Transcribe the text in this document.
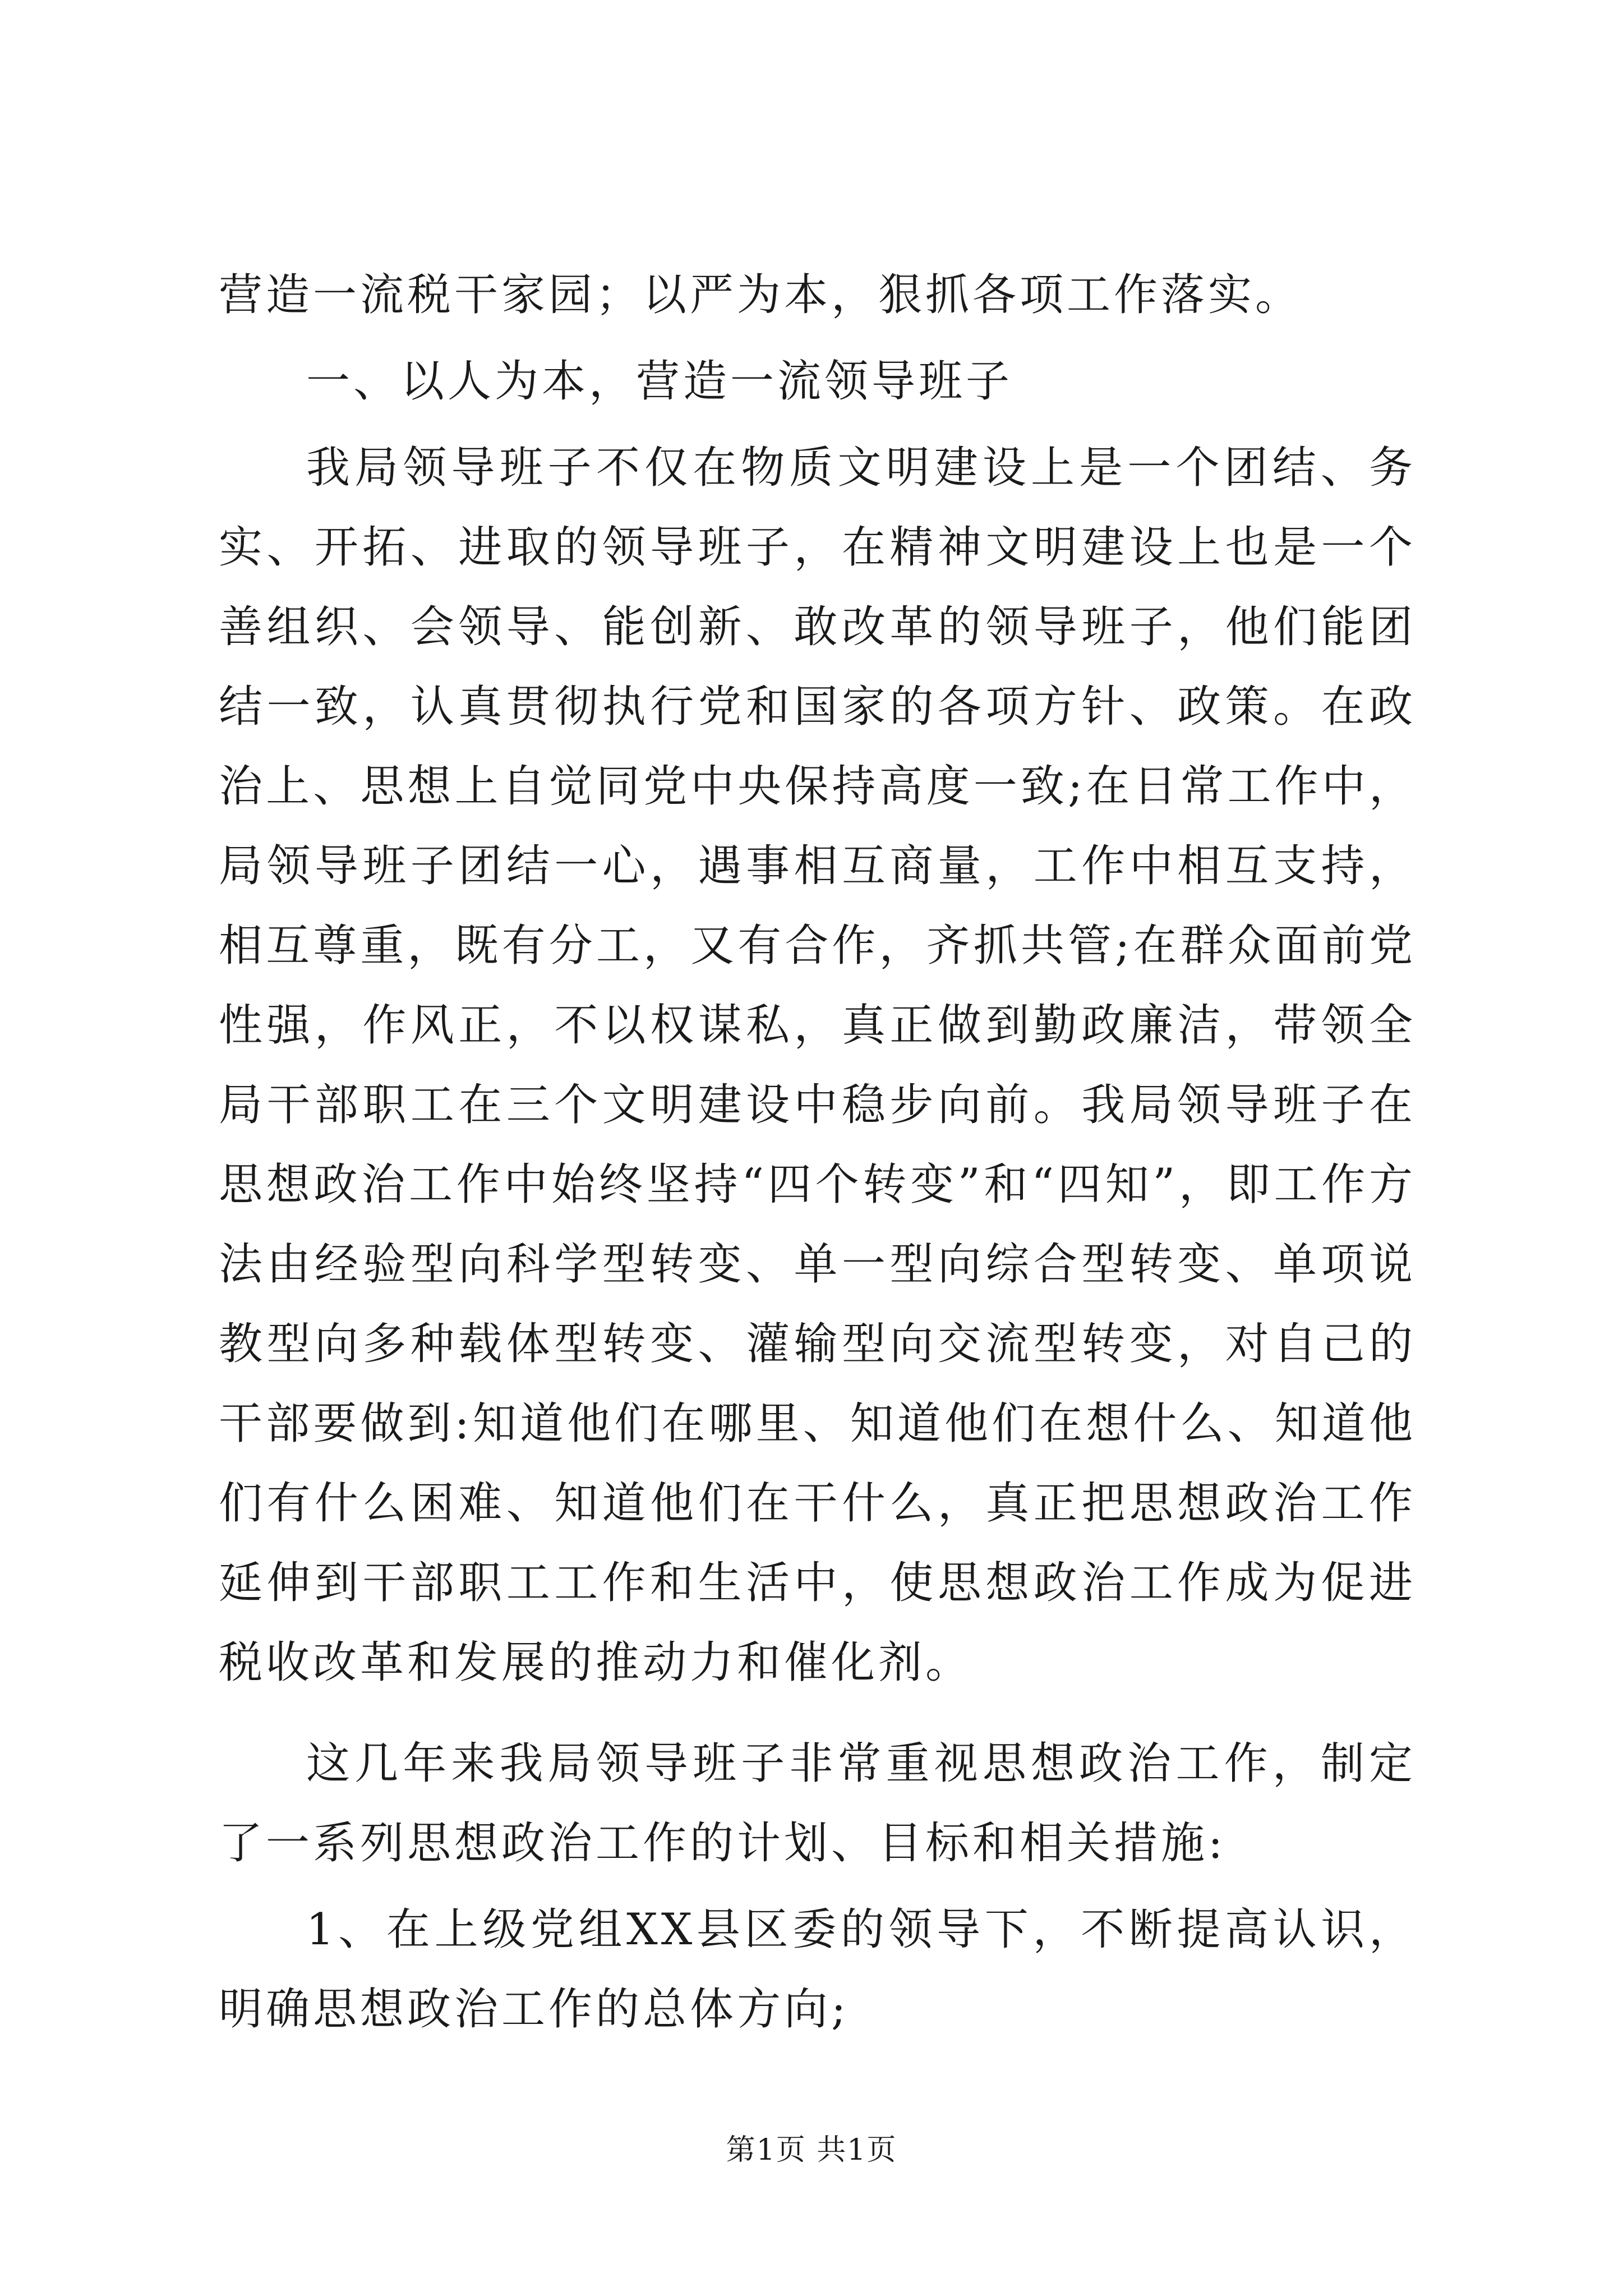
营造一流税干家园；以严为本，狠抓各项工作落实。

一、以人为本，营造一流领导班子

我局领导班子不仅在物质文明建设上是一个团结、务实、开拓、进取的领导班子，在精神文明建设上也是一个善组织、会领导、能创新、敢改革的领导班子，他们能团结一致，认真贯彻执行党和国家的各项方针、政策。在政治上、思想上自觉同党中央保持高度一致;在日常工作中，局领导班子团结一心，遇事相互商量，工作中相互支持，相互尊重，既有分工，又有合作，齐抓共管;在群众面前党性强，作风正，不以权谋私，真正做到勤政廉洁，带领全局干部职工在三个文明建设中稳步向前。我局领导班子在思想政治工作中始终坚持“四个转变”和“四知”，即工作方法由经验型向科学型转变、单一型向综合型转变、单项说教型向多种载体型转变、灌输型向交流型转变，对自己的干部要做到:知道他们在哪里、知道他们在想什么、知道他们有什么困难、知道他们在干什么，真正把思想政治工作延伸到干部职工工作和生活中，使思想政治工作成为促进税收改革和发展的推动力和催化剂。

这几年来我局领导班子非常重视思想政治工作，制定了一系列思想政治工作的计划、目标和相关措施:

1、在上级党组XX县区委的领导下，不断提高认识，明确思想政治工作的总体方向;

第1页 共1页
